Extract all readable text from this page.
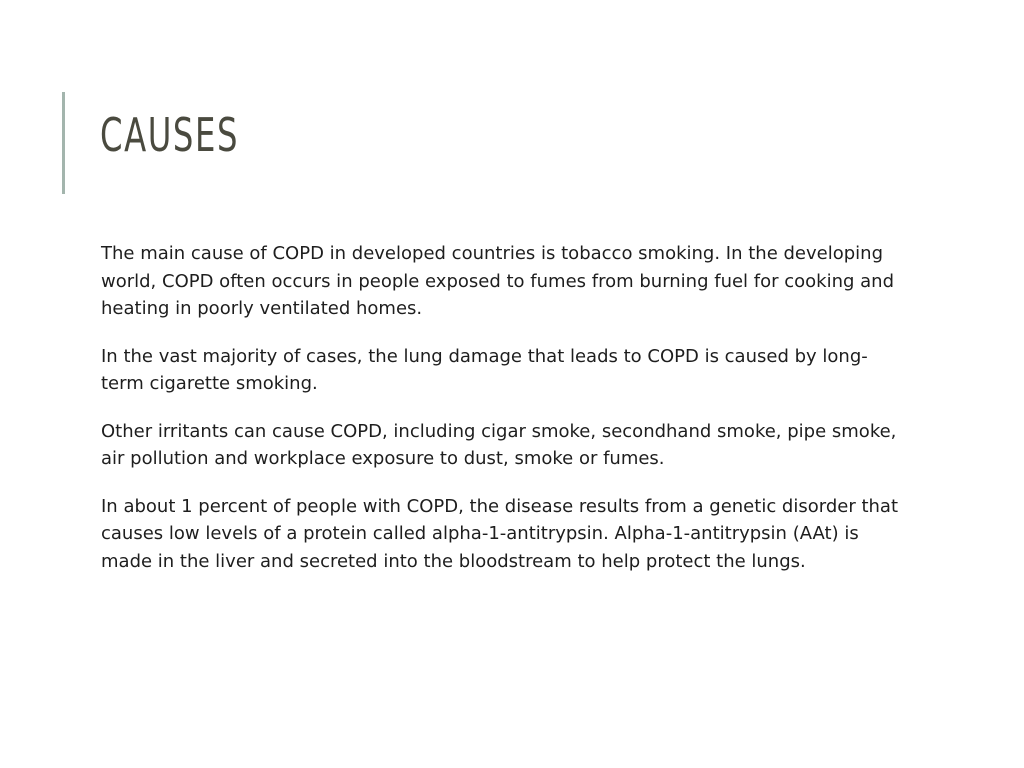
CAUSES

The main cause of COPD in developed countries is tobacco smoking. In the developing world, COPD often occurs in people exposed to fumes from burning fuel for cooking and heating in poorly ventilated homes.

In the vast majority of cases, the lung damage that leads to COPD is caused by long-term cigarette smoking.

Other irritants can cause COPD, including cigar smoke, secondhand smoke, pipe smoke, air pollution and workplace exposure to dust, smoke or fumes.

In about 1 percent of people with COPD, the disease results from a genetic disorder that causes low levels of a protein called alpha-1-antitrypsin. Alpha-1-antitrypsin (AAt) is made in the liver and secreted into the bloodstream to help protect the lungs.
